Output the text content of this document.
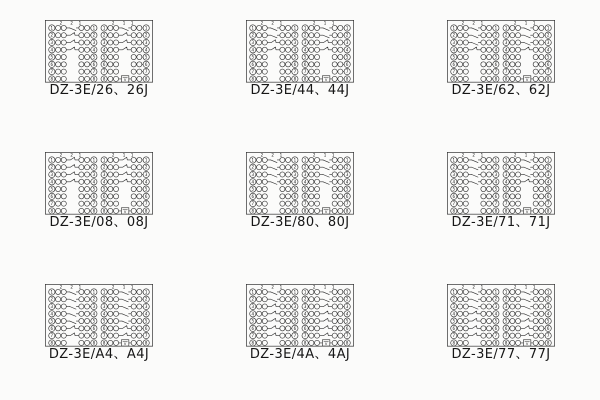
1	1
2 2 1
2	2
3	3
4	4
5	5
6	6
7	7
8	8
1	1
2 1 1
2	2
3	3
4	4
5	5
6	6
7	7
V
8	8
DZ-3E/26、26J
1	1
2 2 1
2	2
3	3
4	4
5	5
6	6
7	7
8	8
1	1
2 1 1
2	2
3	3
4	4
5	5
6	6
7	7
V
8	8
DZ-3E/44、44J
1	1
2 2 1
2	2
3	3
4	4
5	5
6	6
7	7
8	8
1	1
2 1 1
2	2
3	3
4	4
5	5
6	6
7	7
V
8	8
DZ-3E/62、62J
1	1
2 2 1
2	2
3	3
4	4
5	5
6	6
7	7
8	8
1	1
2 1 1
2	2
3	3
4	4
5	5
6	6
7	7
V
8	8
DZ-3E/08、08J
1	1
2 2 1
2	2
3	3
4	4
5	5
6	6
7	7
8	8
1	1
2 1 1
2	2
3	3
4	4
5	5
6	6
7	7
V
8	8
DZ-3E/80、80J
1	1
2 2 1
2	2
3	3
4	4
5	5
6	6
7	7
8	8
1	1
2 1 1
2	2
3	3
4	4
5	5
6	6
7	7
V
8	8
DZ-3E/71、71J
1	1
2 2 1
2	2
3	3
4	4
5	5
6	6
7	7
8	8
1	1
2 1 1
2	2
3	3
4	4
5	5
6	6
7	7
V
8	8
DZ-3E/A4、A4J
1	1
2 2 1
2	2
3	3
4	4
5	5
6	6
7	7
8	8
1	1
2 1 1
2	2
3	3
4	4
5	5
6	6
7	7
V
8	8
DZ-3E/4A、4AJ
1	1
2 2 1
2	2
3	3
4	4
5	5
6	6
7	7
8	8
1	1
2 1 1
2	2
3	3
4	4
5	5
6	6
7	7
V
8	8
DZ-3E/77、77J
